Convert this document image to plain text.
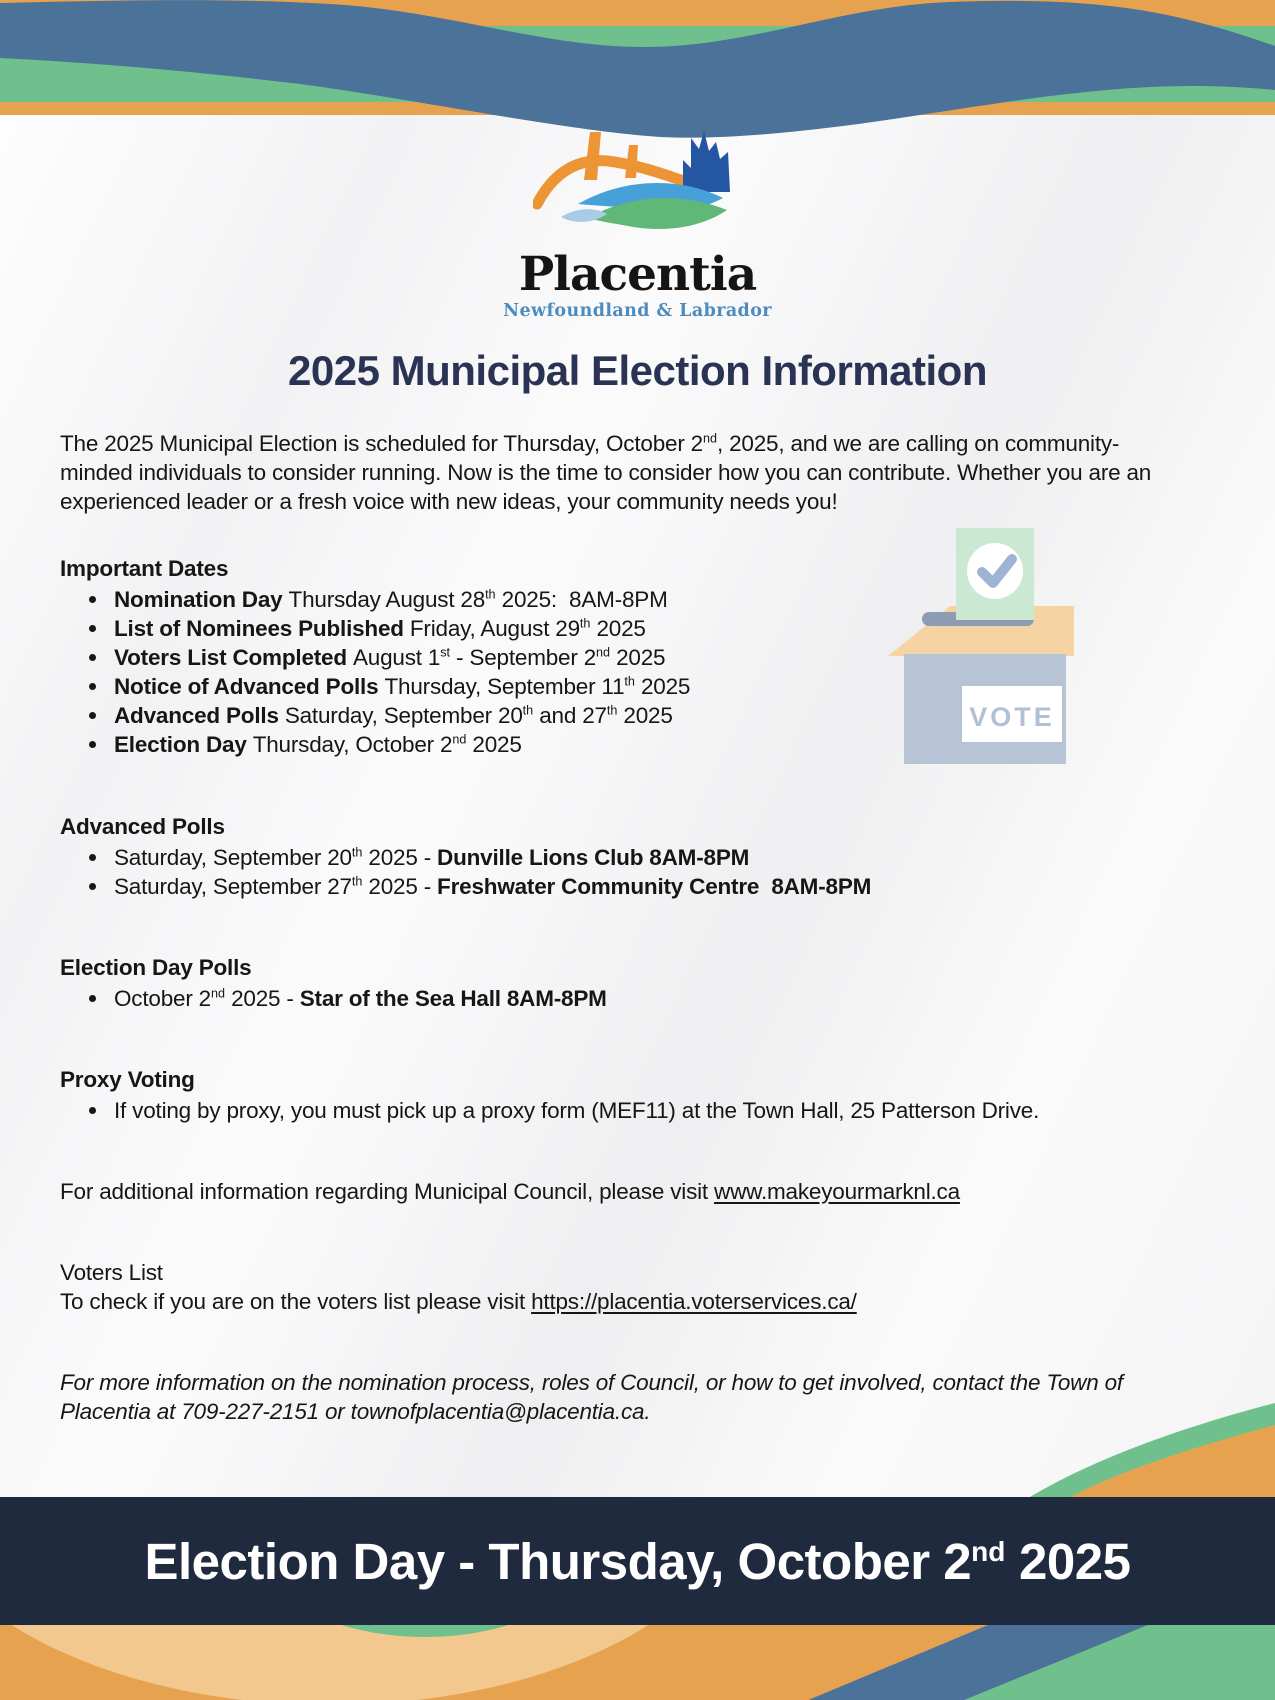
Placentia
Newfoundland & Labrador
2025 Municipal Election Information

The 2025 Municipal Election is scheduled for Thursday, October 2nd, 2025, and we are calling on community-minded individuals to consider running. Now is the time to consider how you can contribute. Whether you are an experienced leader or a fresh voice with new ideas, your community needs you!

Important Dates
• Nomination Day Thursday August 28th 2025:  8AM-8PM
• List of Nominees Published Friday, August 29th 2025
• Voters List Completed August 1st - September 2nd 2025
• Notice of Advanced Polls Thursday, September 11th 2025
• Advanced Polls Saturday, September 20th and 27th 2025
• Election Day Thursday, October 2nd 2025
Advanced Polls
• Saturday, September 20th 2025 - Dunville Lions Club 8AM-8PM
• Saturday, September 27th 2025 - Freshwater Community Centre  8AM-8PM
Election Day Polls
• October 2nd 2025 - Star of the Sea Hall 8AM-8PM
Proxy Voting
• If voting by proxy, you must pick up a proxy form (MEF11) at the Town Hall, 25 Patterson Drive.

For additional information regarding Municipal Council, please visit www.makeyourmarknl.ca

Voters List
To check if you are on the voters list please visit https://placentia.voterservices.ca/

For more information on the nomination process, roles of Council, or how to get involved, contact the Town of Placentia at 709-227-2151 or townofplacentia@placentia.ca.

VOTE
Election Day - Thursday, October 2nd 2025
